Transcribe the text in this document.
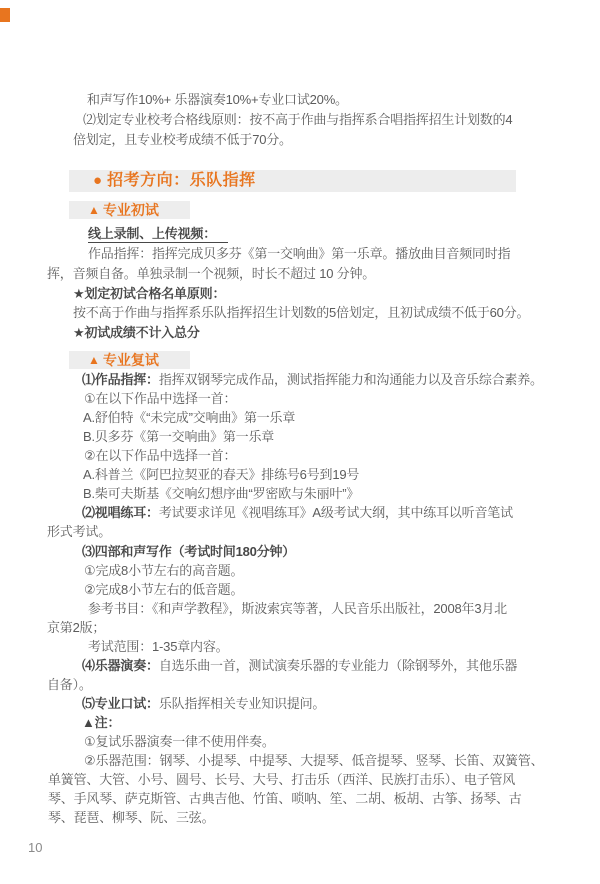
● 招考方向：乐队指挥
▲ 专业初试
▲ 专业复试
和声写作10%+ 乐器演奏10%+专业口试20%。
⑵划定专业校考合格线原则：按不高于作曲与指挥系合唱指挥招生计划数的4
倍划定，且专业校考成绩不低于70分。
线上录制、上传视频：
作品指挥：指挥完成贝多芬《第一交响曲》第一乐章。播放曲目音频同时指
挥，音频自备。单独录制一个视频，时长不超过 10 分钟。
★划定初试合格名单原则：
按不高于作曲与指挥系乐队指挥招生计划数的5倍划定，且初试成绩不低于60分。
★初试成绩不计入总分
⑴作品指挥：指挥双钢琴完成作品，测试指挥能力和沟通能力以及音乐综合素养。
①在以下作品中选择一首：
A.舒伯特《“未完成”交响曲》第一乐章
B.贝多芬《第一交响曲》第一乐章
②在以下作品中选择一首：
A.科普兰《阿巴拉契亚的春天》排练号6号到19号
B.柴可夫斯基《交响幻想序曲“罗密欧与朱丽叶”》
⑵视唱练耳：考试要求详见《视唱练耳》A级考试大纲，其中练耳以听音笔试
形式考试。
⑶四部和声写作（考试时间180分钟）
①完成8小节左右的高音题。
②完成8小节左右的低音题。
参考书目：《和声学教程》，斯波索宾等著，人民音乐出版社，2008年3月北
京第2版；
考试范围：1-35章内容。
⑷乐器演奏：自选乐曲一首，测试演奏乐器的专业能力（除钢琴外，其他乐器
自备）。
⑸专业口试：乐队指挥相关专业知识提问。
▲注：
①复试乐器演奏一律不使用伴奏。
②乐器范围：钢琴、小提琴、中提琴、大提琴、低音提琴、竖琴、长笛、双簧管、
单簧管、大管、小号、圆号、长号、大号、打击乐（西洋、民族打击乐）、电子管风
琴、手风琴、萨克斯管、古典吉他、竹笛、唢呐、笙、二胡、板胡、古筝、扬琴、古
琴、琵琶、柳琴、阮、三弦。
10
